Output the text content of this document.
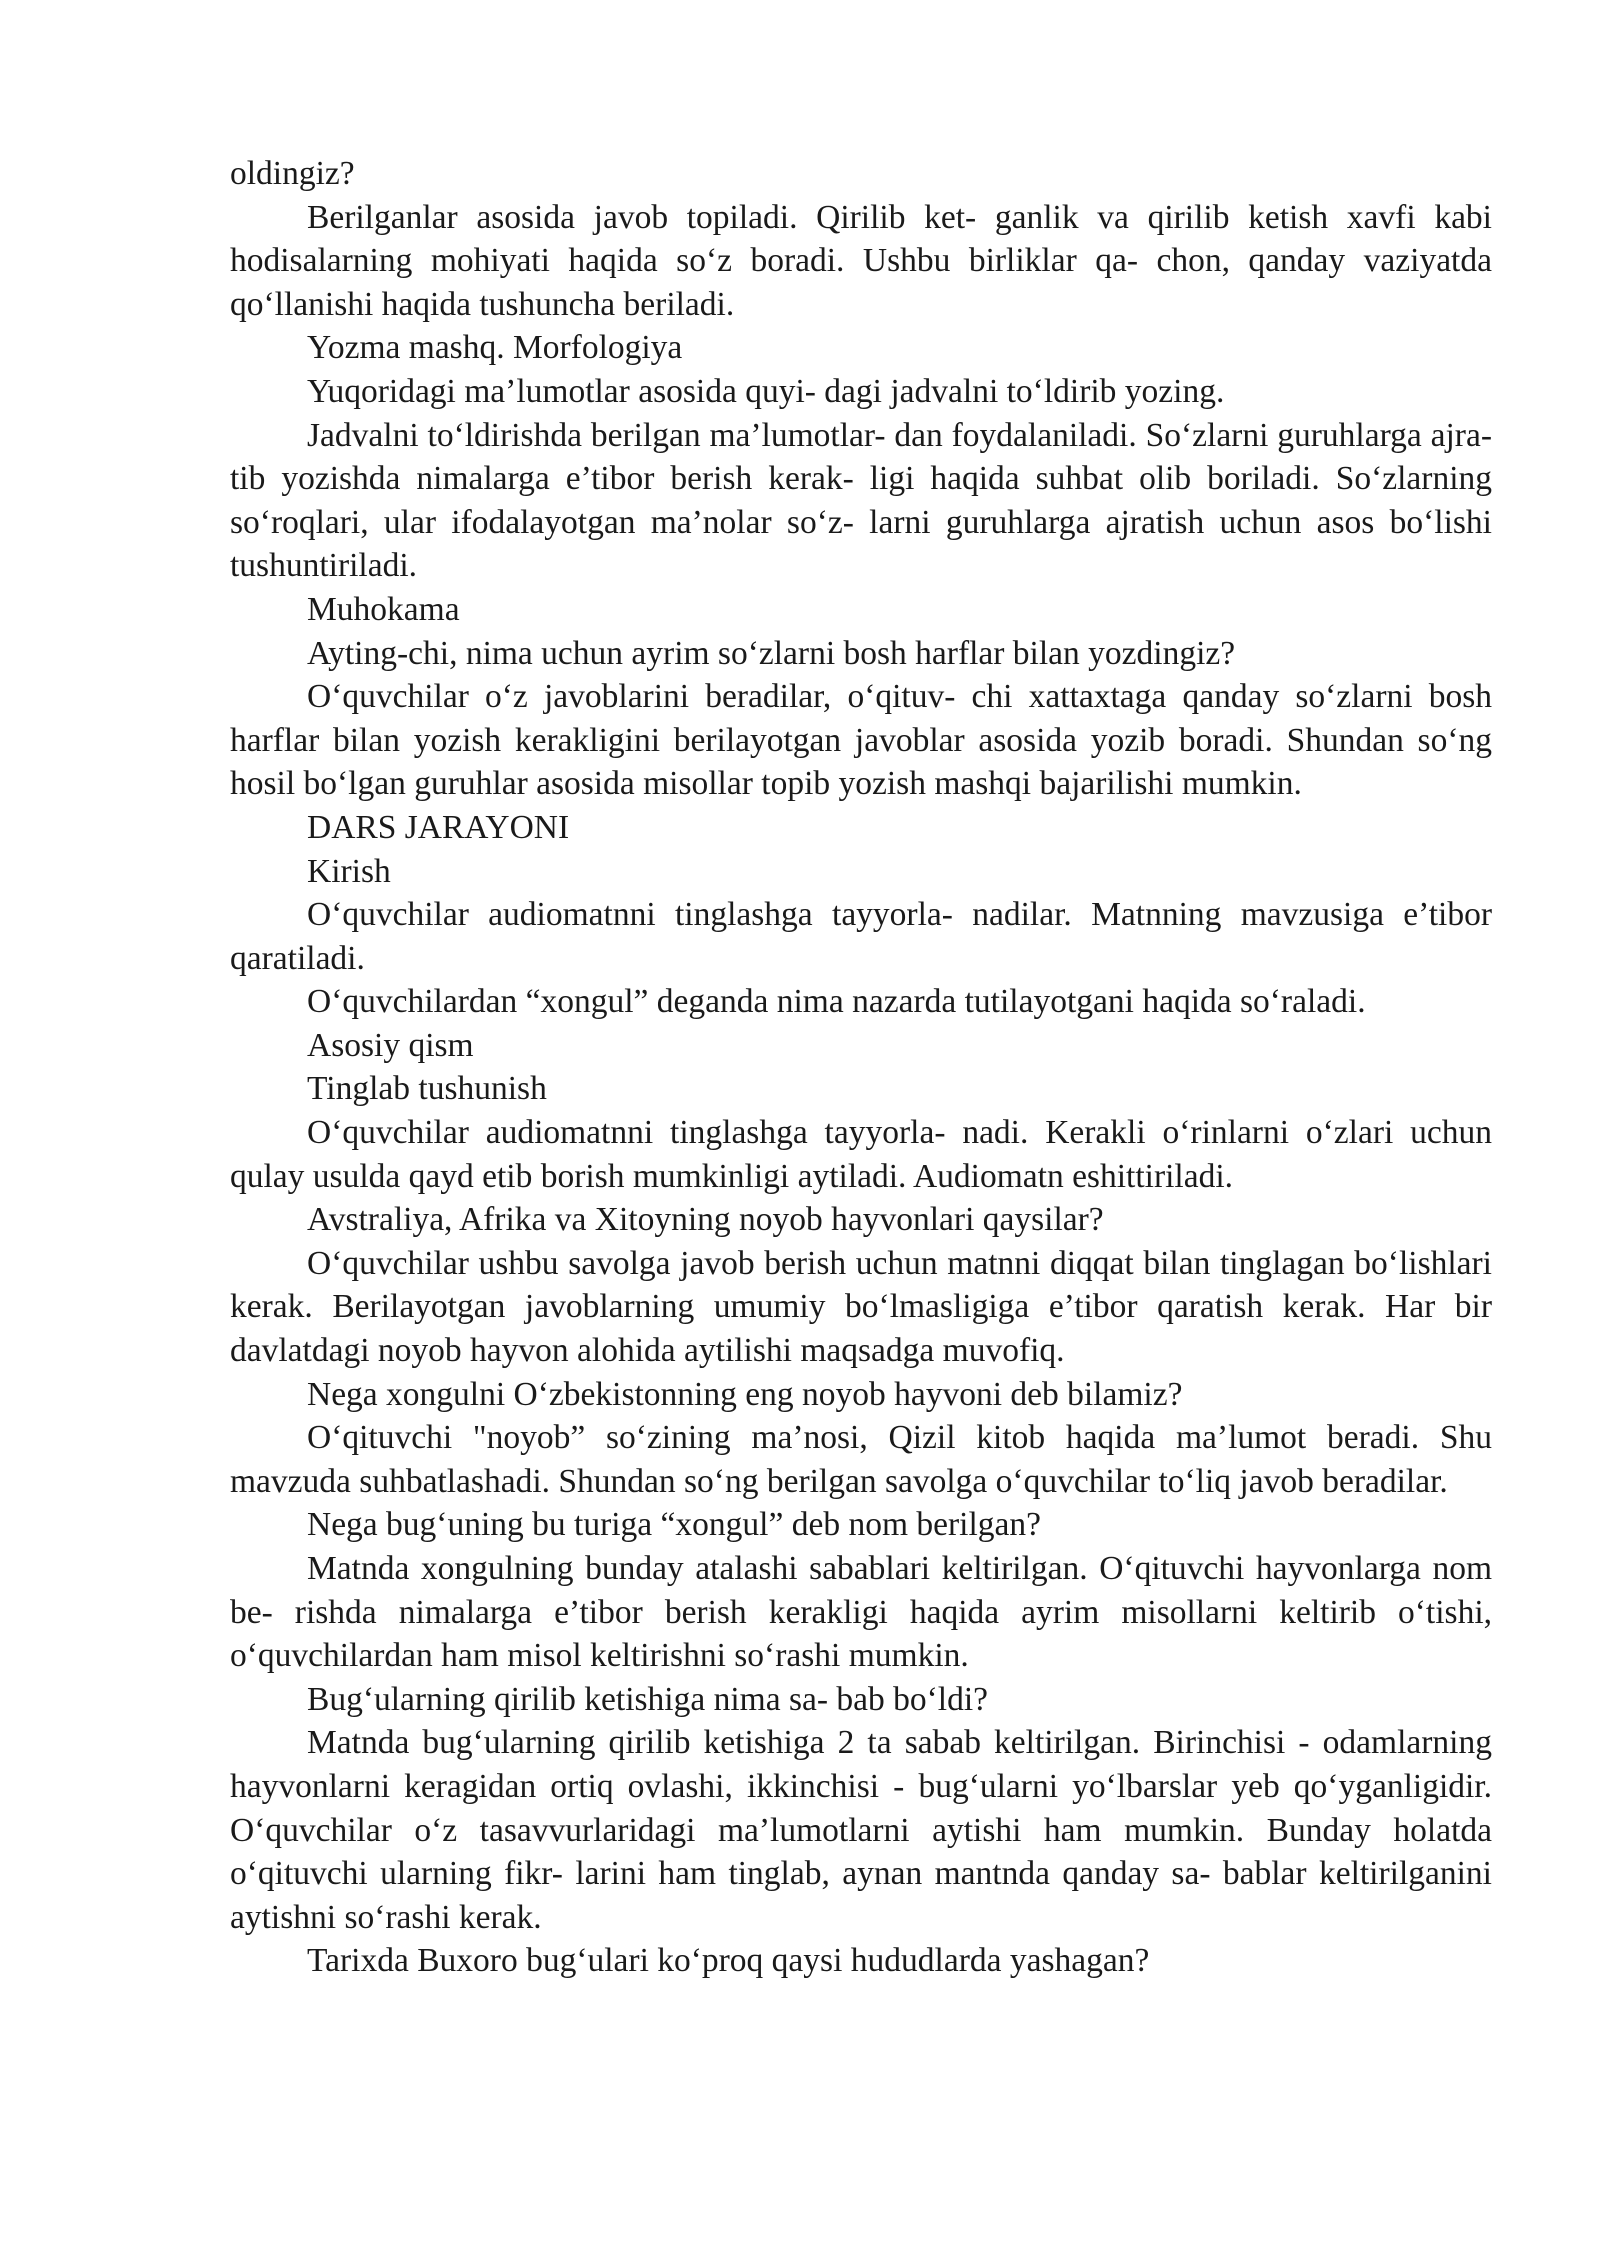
oldingiz?

Berilganlar asosida javob topiladi. Qirilib ket- ganlik va qirilib ketish xavfi kabi hodisalarning mohiyati haqida so‘z boradi. Ushbu birliklar qa- chon, qanday vaziyatda qo‘llanishi haqida tushuncha beriladi.

Yozma mashq. Morfologiya

Yuqoridagi ma’lumotlar asosida quyi- dagi jadvalni to‘ldirib yozing.

Jadvalni to‘ldirishda berilgan ma’lumotlar- dan foydalaniladi. So‘zlarni guruhlarga ajra- tib yozishda nimalarga e’tibor berish kerak- ligi haqida suhbat olib boriladi. So‘zlarning so‘roqlari, ular ifodalayotgan ma’nolar so‘z- larni guruhlarga ajratish uchun asos bo‘lishi tushuntiriladi.

Muhokama

Ayting-chi, nima uchun ayrim so‘zlarni bosh harflar bilan yozdingiz?

O‘quvchilar o‘z javoblarini beradilar, o‘qituv- chi xattaxtaga qanday so‘zlarni bosh harflar bilan yozish kerakligini berilayotgan javoblar asosida yozib boradi. Shundan so‘ng hosil bo‘lgan guruhlar asosida misollar topib yozish mashqi bajarilishi mumkin.

DARS JARAYONI

Kirish

O‘quvchilar audiomatnni tinglashga tayyorla- nadilar. Matnning mavzusiga e’tibor qaratiladi.

O‘quvchilardan “xongul” deganda nima nazarda tutilayotgani haqida so‘raladi.

Asosiy qism

Tinglab tushunish

O‘quvchilar audiomatnni tinglashga tayyorla- nadi. Kerakli o‘rinlarni o‘zlari uchun qulay usulda qayd etib borish mumkinligi aytiladi. Audiomatn eshittiriladi.

Avstraliya, Afrika va Xitoyning noyob hayvonlari qaysilar?

O‘quvchilar ushbu savolga javob berish uchun matnni diqqat bilan tinglagan bo‘lishlari kerak. Berilayotgan javoblarning umumiy bo‘lmasligiga e’tibor qaratish kerak. Har bir davlatdagi noyob hayvon alohida aytilishi maqsadga muvofiq.

Nega xongulni O‘zbekistonning eng noyob hayvoni deb bilamiz?

O‘qituvchi "noyob” so‘zining ma’nosi, Qizil kitob haqida ma’lumot beradi. Shu mavzuda suhbatlashadi. Shundan so‘ng berilgan savolga o‘quvchilar to‘liq javob beradilar.

Nega bug‘uning bu turiga “xongul” deb nom berilgan?

Matnda xongulning bunday atalashi sabablari keltirilgan. O‘qituvchi hayvonlarga nom be- rishda nimalarga e’tibor berish kerakligi haqida ayrim misollarni keltirib o‘tishi, o‘quvchilardan ham misol keltirishni so‘rashi mumkin.

Bug‘ularning qirilib ketishiga nima sa- bab bo‘ldi?

Matnda bug‘ularning qirilib ketishiga 2 ta sabab keltirilgan. Birinchisi - odamlarning hayvonlarni keragidan ortiq ovlashi, ikkinchisi - bug‘ularni yo‘lbarslar yeb qo‘yganligidir. O‘quvchilar o‘z tasavvurlaridagi ma’lumotlarni aytishi ham mumkin. Bunday holatda o‘qituvchi ularning fikr- larini ham tinglab, aynan mantnda qanday sa- bablar keltirilganini aytishni so‘rashi kerak.

Tarixda Buxoro bug‘ulari ko‘proq qaysi hududlarda yashagan?
